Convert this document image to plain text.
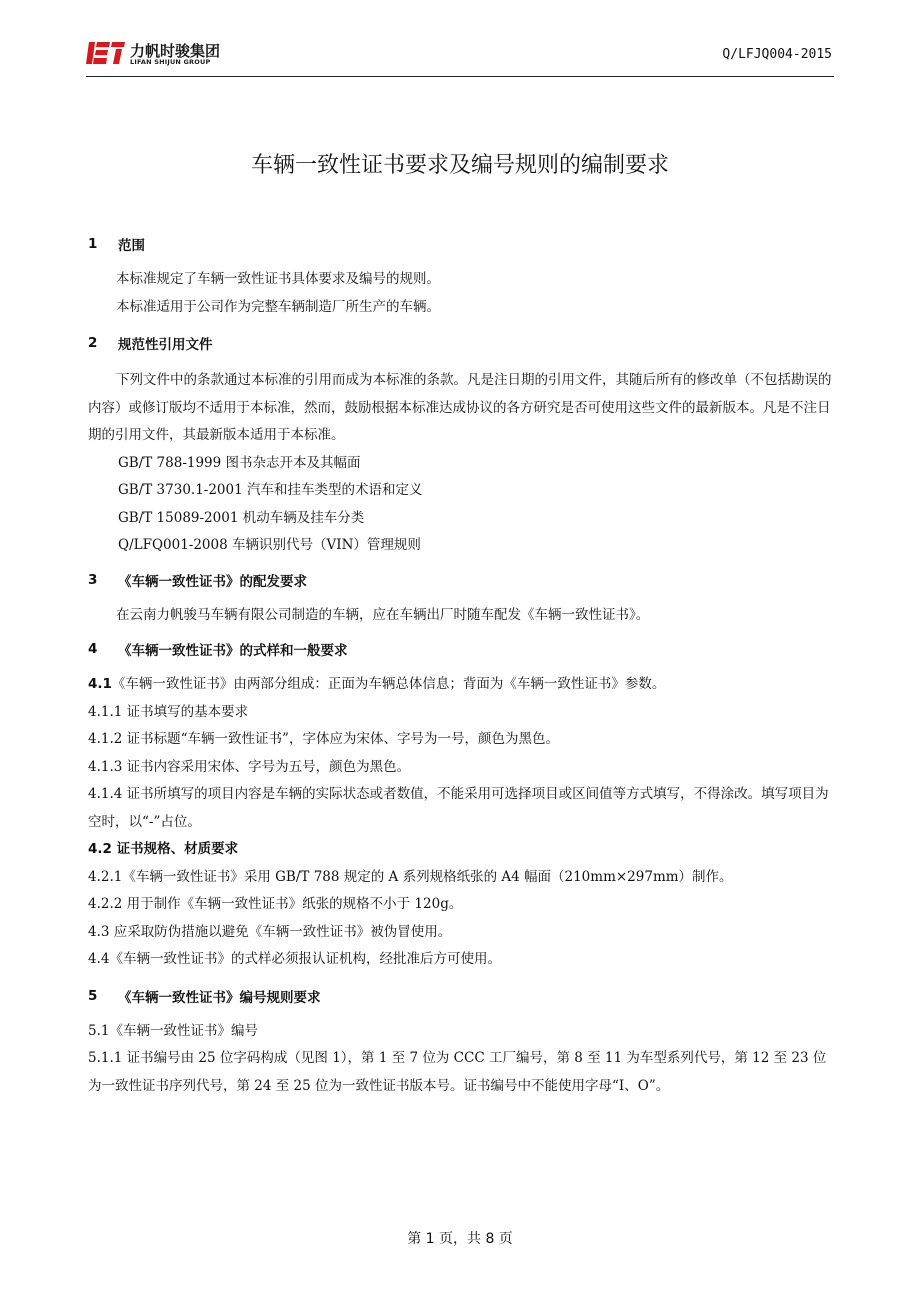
力帆时骏集团
LIFAN SHIJUN GROUP	Q/LFJQ004-2015
车辆一致性证书要求及编号规则的编制要求
1	范围

本标准规定了车辆一致性证书具体要求及编号的规则。

本标准适用于公司作为完整车辆制造厂所生产的车辆。

2	规范性引用文件

下列文件中的条款通过本标准的引用而成为本标准的条款。凡是注日期的引用文件，其随后所有的修改单（不包括勘误的内容）或修订版均不适用于本标准，然而，鼓励根据本标准达成协议的各方研究是否可使用这些文件的最新版本。凡是不注日期的引用文件，其最新版本适用于本标准。

GB/T 788-1999 图书杂志开本及其幅面

GB/T 3730.1-2001 汽车和挂车类型的术语和定义

GB/T 15089-2001 机动车辆及挂车分类

Q/LFQ001-2008 车辆识别代号（VIN）管理规则

3	《车辆一致性证书》的配发要求

在云南力帆骏马车辆有限公司制造的车辆，应在车辆出厂时随车配发《车辆一致性证书》。

4	《车辆一致性证书》的式样和一般要求

4.1《车辆一致性证书》由两部分组成：正面为车辆总体信息；背面为《车辆一致性证书》参数。

4.1.1 证书填写的基本要求

4.1.2 证书标题“车辆一致性证书”，字体应为宋体、字号为一号，颜色为黑色。

4.1.3 证书内容采用宋体、字号为五号，颜色为黑色。

4.1.4 证书所填写的项目内容是车辆的实际状态或者数值，不能采用可选择项目或区间值等方式填写，不得涂改。填写项目为空时，以“-”占位。

4.2 证书规格、材质要求

4.2.1《车辆一致性证书》采用 GB/T 788 规定的 A 系列规格纸张的 A4 幅面（210mm×297mm）制作。

4.2.2 用于制作《车辆一致性证书》纸张的规格不小于 120g。

4.3 应采取防伪措施以避免《车辆一致性证书》被伪冒使用。

4.4《车辆一致性证书》的式样必须报认证机构，经批准后方可使用。

5	《车辆一致性证书》编号规则要求

5.1《车辆一致性证书》编号

5.1.1 证书编号由 25 位字码构成（见图 1），第 1 至 7 位为 CCC 工厂编号，第 8 至 11 为车型系列代号，第 12 至 23 位为一致性证书序列代号，第 24 至 25 位为一致性证书版本号。证书编号中不能使用字母“I、O”。

第 1 页，共 8 页
